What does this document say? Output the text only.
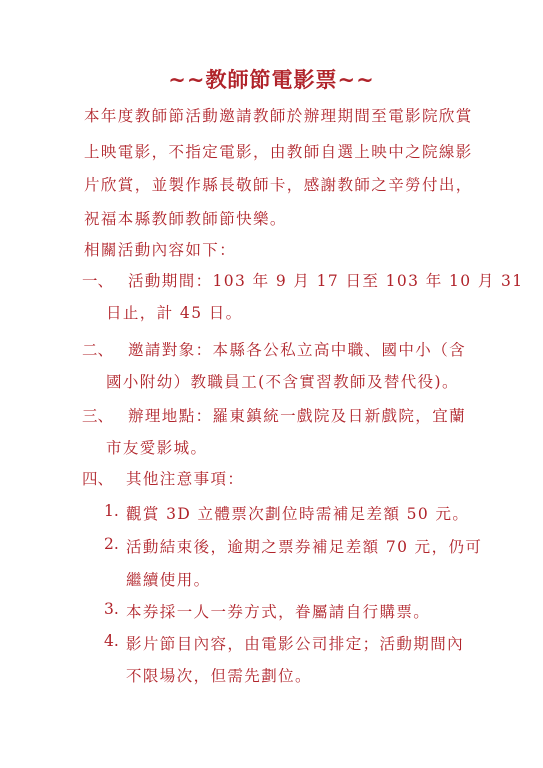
~~教師節電影票~~
本年度教師節活動邀請教師於辦理期間至電影院欣賞
上映電影，不指定電影，由教師自選上映中之院線影
片欣賞，並製作縣長敬師卡，感謝教師之辛勞付出，
祝福本縣教師教師節快樂。
相關活動內容如下：
一、 活動期間：103 年 9 月 17 日至 103 年 10 月 31
日止，計 45 日。
二、 邀請對象：本縣各公私立高中職、國中小（含
國小附幼）教職員工(不含實習教師及替代役)。
三、 辦理地點：羅東鎮統一戲院及日新戲院，宜蘭
市友愛影城。
四、 其他注意事項：
1. 觀賞 3D 立體票次劃位時需補足差額 50 元。
2. 活動結束後，逾期之票券補足差額 70 元，仍可
繼續使用。
3. 本券採一人一券方式，眷屬請自行購票。
4. 影片節目內容，由電影公司排定；活動期間內
不限場次，但需先劃位。
